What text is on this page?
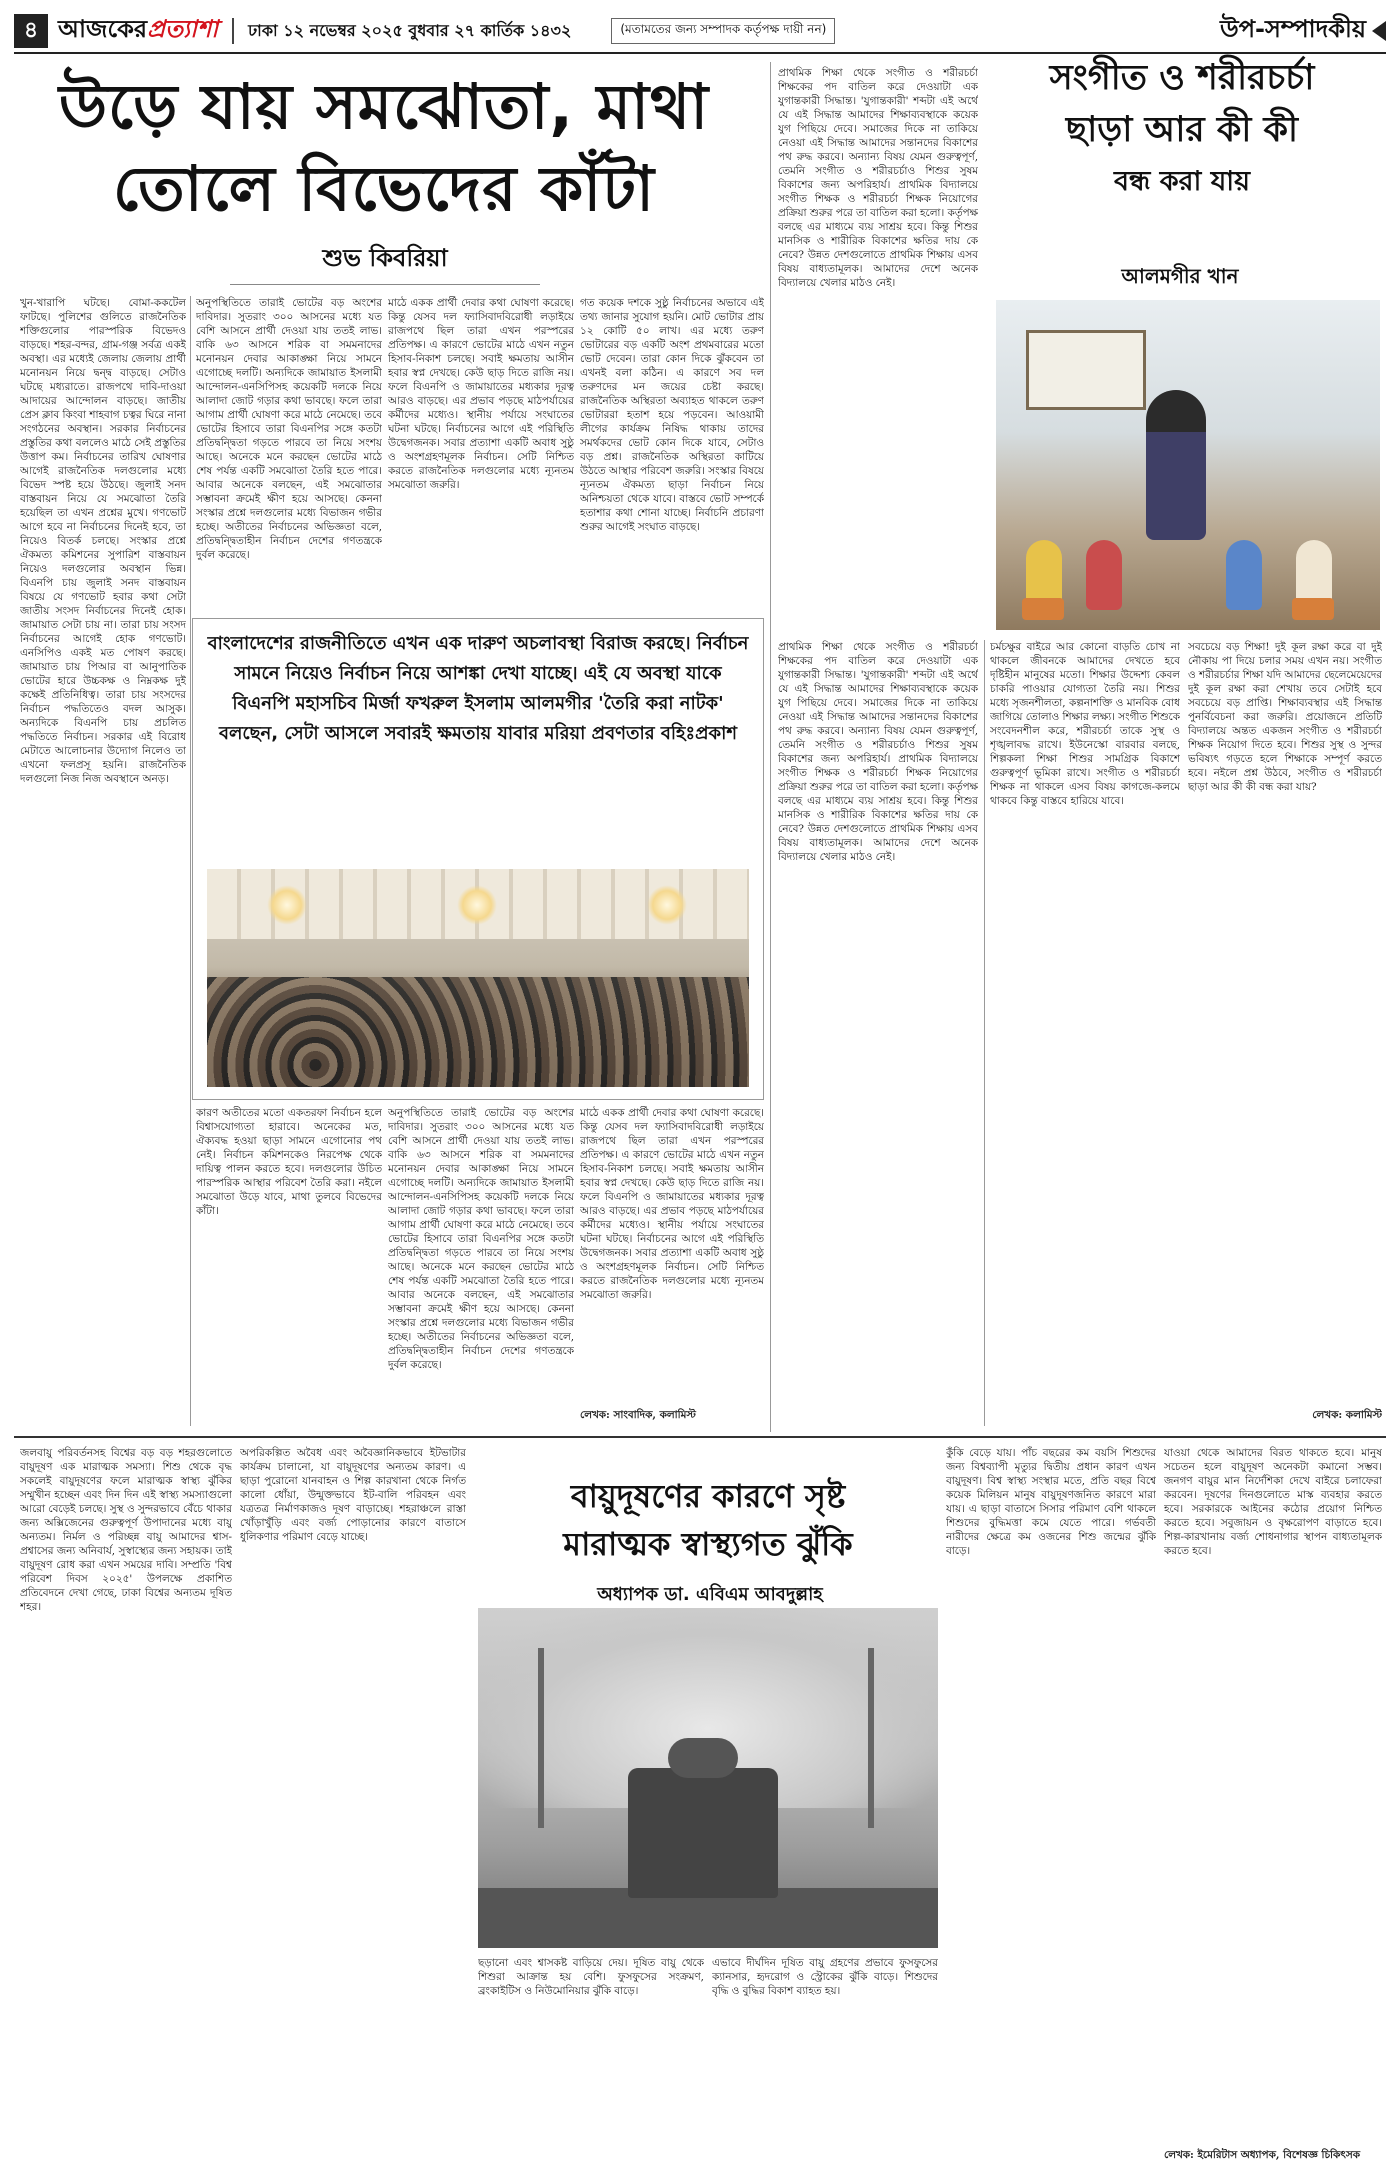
৪ আজকেরপ্রত্যাশা ঢাকা ১২ নভেম্বর ২০২৫ বুধবার ২৭ কার্তিক ১৪৩২	(মতামতের জন্য সম্পাদক কর্তৃপক্ষ দায়ী নন)	উপ-সম্পাদকীয়
উড়ে যায় সমঝোতা, মাথা
তোলে বিভেদের কাঁটা
শুভ কিবরিয়া
খুন-খারাপি ঘটছে। বোমা-ককটেল ফাটছে। পুলিশের গুলিতে রাজনৈতিক শক্তিগুলোর পারস্পরিক বিভেদও বাড়ছে। শহর-বন্দর, গ্রাম-গঞ্জ সর্বত্র একই অবস্থা। এর মধ্যেই জেলায় জেলায় প্রার্থী মনোনয়ন নিয়ে দ্বন্দ্ব বাড়ছে। সেটাও ঘটছে মধ্যরাতে। রাজপথে দাবি-দাওয়া আদায়ের আন্দোলন বাড়ছে। জাতীয় প্রেস ক্লাব কিংবা শাহবাগ চত্বর ঘিরে নানা সংগঠনের অবস্থান। সরকার নির্বাচনের প্রস্তুতির কথা বললেও মাঠে সেই প্রস্তুতির উত্তাপ কম। নির্বাচনের তারিখ ঘোষণার আগেই রাজনৈতিক দলগুলোর মধ্যে বিভেদ স্পষ্ট হয়ে উঠছে। জুলাই সনদ বাস্তবায়ন নিয়ে যে সমঝোতা তৈরি হয়েছিল তা এখন প্রশ্নের মুখে। গণভোট আগে হবে না নির্বাচনের দিনেই হবে, তা নিয়েও বিতর্ক চলছে। সংস্কার প্রশ্নে ঐকমত্য কমিশনের সুপারিশ বাস্তবায়ন নিয়েও দলগুলোর অবস্থান ভিন্ন। বিএনপি চায় জুলাই সনদ বাস্তবায়ন বিষয়ে যে গণভোট হবার কথা সেটা জাতীয় সংসদ নির্বাচনের দিনেই হোক। জামায়াত সেটা চায় না। তারা চায় সংসদ নির্বাচনের আগেই হোক গণভোট। এনসিপিও একই মত পোষণ করছে। জামায়াত চায় পিআর বা আনুপাতিক ভোটের হারে উচ্চকক্ষ ও নিম্নকক্ষ দুই কক্ষেই প্রতিনিধিত্ব। তারা চায় সংসদের নির্বাচন পদ্ধতিতেও বদল আসুক। অন্যদিকে বিএনপি চায় প্রচলিত পদ্ধতিতে নির্বাচন। সরকার এই বিরোধ মেটাতে আলোচনার উদ্যোগ নিলেও তা এখনো ফলপ্রসূ হয়নি। রাজনৈতিক দলগুলো নিজ নিজ অবস্থানে অনড়।
অনুপস্থিতিতে তারাই ভোটের বড় অংশের দাবিদার। সুতরাং ৩০০ আসনের মধ্যে যত বেশি আসনে প্রার্থী দেওয়া যায় ততই লাভ। বাকি ৬৩ আসনে শরিক বা সমমনাদের মনোনয়ন দেবার আকাঙ্ক্ষা নিয়ে সামনে এগোচ্ছে দলটি। অন্যদিকে জামায়াত ইসলামী আন্দোলন-এনসিপিসহ কয়েকটি দলকে নিয়ে আলাদা জোট গড়ার কথা ভাবছে। ফলে তারা আগাম প্রার্থী ঘোষণা করে মাঠে নেমেছে। তবে ভোটের হিসাবে তারা বিএনপির সঙ্গে কতটা প্রতিদ্বন্দ্বিতা গড়তে পারবে তা নিয়ে সংশয় আছে। অনেকে মনে করছেন ভোটের মাঠে শেষ পর্যন্ত একটি সমঝোতা তৈরি হতে পারে। আবার অনেকে বলছেন, এই সমঝোতার সম্ভাবনা ক্রমেই ক্ষীণ হয়ে আসছে। কেননা সংস্কার প্রশ্নে দলগুলোর মধ্যে বিভাজন গভীর হচ্ছে। অতীতের নির্বাচনের অভিজ্ঞতা বলে, প্রতিদ্বন্দ্বিতাহীন নির্বাচন দেশের গণতন্ত্রকে দুর্বল করেছে।
মাঠে একক প্রার্থী দেবার কথা ঘোষণা করেছে। কিন্তু যেসব দল ফ্যাসিবাদবিরোধী লড়াইয়ে রাজপথে ছিল তারা এখন পরস্পরের প্রতিপক্ষ। এ কারণে ভোটের মাঠে এখন নতুন হিসাব-নিকাশ চলছে। সবাই ক্ষমতায় আসীন হবার স্বপ্ন দেখছে। কেউ ছাড় দিতে রাজি নয়। ফলে বিএনপি ও জামায়াতের মধ্যকার দূরত্ব আরও বাড়ছে। এর প্রভাব পড়ছে মাঠপর্যায়ের কর্মীদের মধ্যেও। স্থানীয় পর্যায়ে সংঘাতের ঘটনা ঘটছে। নির্বাচনের আগে এই পরিস্থিতি উদ্বেগজনক। সবার প্রত্যাশা একটি অবাধ সুষ্ঠু ও অংশগ্রহণমূলক নির্বাচন। সেটি নিশ্চিত করতে রাজনৈতিক দলগুলোর মধ্যে ন্যূনতম সমঝোতা জরুরি।
গত কয়েক দশকে সুষ্ঠু নির্বাচনের অভাবে এই তথ্য জানার সুযোগ হয়নি। মোট ভোটার প্রায় ১২ কোটি ৫০ লাখ। এর মধ্যে তরুণ ভোটারের বড় একটি অংশ প্রথমবারের মতো ভোট দেবেন। তারা কোন দিকে ঝুঁকবেন তা এখনই বলা কঠিন। এ কারণে সব দল তরুণদের মন জয়ের চেষ্টা করছে। রাজনৈতিক অস্থিরতা অব্যাহত থাকলে তরুণ ভোটাররা হতাশ হয়ে পড়বেন। আওয়ামী লীগের কার্যক্রম নিষিদ্ধ থাকায় তাদের সমর্থকদের ভোট কোন দিকে যাবে, সেটাও বড় প্রশ্ন। রাজনৈতিক অস্থিরতা কাটিয়ে উঠতে আস্থার পরিবেশ জরুরি। সংস্কার বিষয়ে ন্যূনতম ঐকমত্য ছাড়া নির্বাচন নিয়ে অনিশ্চয়তা থেকে যাবে। বাস্তবে ভোট সম্পর্কে হতাশার কথা শোনা যাচ্ছে। নির্বাচনি প্রচারণা শুরুর আগেই সংঘাত বাড়ছে।
বাংলাদেশের রাজনীতিতে এখন এক দারুণ অচলাবস্থা বিরাজ করছে। নির্বাচন সামনে নিয়েও নির্বাচন নিয়ে আশঙ্কা দেখা যাচ্ছে। এই যে অবস্থা যাকে বিএনপি মহাসচিব মির্জা ফখরুল ইসলাম আলমগীর 'তৈরি করা নাটক' বলছেন, সেটা আসলে সবারই ক্ষমতায় যাবার মরিয়া প্রবণতার বহিঃপ্রকাশ
কারণ অতীতের মতো একতরফা নির্বাচন হলে বিশ্বাসযোগ্যতা হারাবে। অনেকের মত, ঐক্যবদ্ধ হওয়া ছাড়া সামনে এগোনোর পথ নেই। নির্বাচন কমিশনকেও নিরপেক্ষ থেকে দায়িত্ব পালন করতে হবে। দলগুলোর উচিত পারস্পরিক আস্থার পরিবেশ তৈরি করা। নইলে সমঝোতা উড়ে যাবে, মাথা তুলবে বিভেদের কাঁটা।
অনুপস্থিতিতে তারাই ভোটের বড় অংশের দাবিদার। সুতরাং ৩০০ আসনের মধ্যে যত বেশি আসনে প্রার্থী দেওয়া যায় ততই লাভ। বাকি ৬৩ আসনে শরিক বা সমমনাদের মনোনয়ন দেবার আকাঙ্ক্ষা নিয়ে সামনে এগোচ্ছে দলটি। অন্যদিকে জামায়াত ইসলামী আন্দোলন-এনসিপিসহ কয়েকটি দলকে নিয়ে আলাদা জোট গড়ার কথা ভাবছে। ফলে তারা আগাম প্রার্থী ঘোষণা করে মাঠে নেমেছে। তবে ভোটের হিসাবে তারা বিএনপির সঙ্গে কতটা প্রতিদ্বন্দ্বিতা গড়তে পারবে তা নিয়ে সংশয় আছে। অনেকে মনে করছেন ভোটের মাঠে শেষ পর্যন্ত একটি সমঝোতা তৈরি হতে পারে। আবার অনেকে বলছেন, এই সমঝোতার সম্ভাবনা ক্রমেই ক্ষীণ হয়ে আসছে। কেননা সংস্কার প্রশ্নে দলগুলোর মধ্যে বিভাজন গভীর হচ্ছে। অতীতের নির্বাচনের অভিজ্ঞতা বলে, প্রতিদ্বন্দ্বিতাহীন নির্বাচন দেশের গণতন্ত্রকে দুর্বল করেছে।
মাঠে একক প্রার্থী দেবার কথা ঘোষণা করেছে। কিন্তু যেসব দল ফ্যাসিবাদবিরোধী লড়াইয়ে রাজপথে ছিল তারা এখন পরস্পরের প্রতিপক্ষ। এ কারণে ভোটের মাঠে এখন নতুন হিসাব-নিকাশ চলছে। সবাই ক্ষমতায় আসীন হবার স্বপ্ন দেখছে। কেউ ছাড় দিতে রাজি নয়। ফলে বিএনপি ও জামায়াতের মধ্যকার দূরত্ব আরও বাড়ছে। এর প্রভাব পড়ছে মাঠপর্যায়ের কর্মীদের মধ্যেও। স্থানীয় পর্যায়ে সংঘাতের ঘটনা ঘটছে। নির্বাচনের আগে এই পরিস্থিতি উদ্বেগজনক। সবার প্রত্যাশা একটি অবাধ সুষ্ঠু ও অংশগ্রহণমূলক নির্বাচন। সেটি নিশ্চিত করতে রাজনৈতিক দলগুলোর মধ্যে ন্যূনতম সমঝোতা জরুরি।
লেখক: সাংবাদিক, কলামিস্ট
প্রাথমিক শিক্ষা থেকে সংগীত ও শরীরচর্চা শিক্ষকের পদ বাতিল করে দেওয়াটা এক যুগান্তকারী সিদ্ধান্ত। 'যুগান্তকারী' শব্দটা এই অর্থে যে এই সিদ্ধান্ত আমাদের শিক্ষাব্যবস্থাকে কয়েক যুগ পিছিয়ে দেবে। সমাজের দিকে না তাকিয়ে নেওয়া এই সিদ্ধান্ত আমাদের সন্তানদের বিকাশের পথ রুদ্ধ করবে। অন্যান্য বিষয় যেমন গুরুত্বপূর্ণ, তেমনি সংগীত ও শরীরচর্চাও শিশুর সুষম বিকাশের জন্য অপরিহার্য। প্রাথমিক বিদ্যালয়ে সংগীত শিক্ষক ও শরীরচর্চা শিক্ষক নিয়োগের প্রক্রিয়া শুরুর পরে তা বাতিল করা হলো। কর্তৃপক্ষ বলছে এর মাধ্যমে ব্যয় সাশ্রয় হবে। কিন্তু শিশুর মানসিক ও শারীরিক বিকাশের ক্ষতির দায় কে নেবে? উন্নত দেশগুলোতে প্রাথমিক শিক্ষায় এসব বিষয় বাধ্যতামূলক। আমাদের দেশে অনেক বিদ্যালয়ে খেলার মাঠও নেই।
সংগীত ও শরীরচর্চা
ছাড়া আর কী কী
বন্ধ করা যায়
আলমগীর খান
প্রাথমিক শিক্ষা থেকে সংগীত ও শরীরচর্চা শিক্ষকের পদ বাতিল করে দেওয়াটা এক যুগান্তকারী সিদ্ধান্ত। 'যুগান্তকারী' শব্দটা এই অর্থে যে এই সিদ্ধান্ত আমাদের শিক্ষাব্যবস্থাকে কয়েক যুগ পিছিয়ে দেবে। সমাজের দিকে না তাকিয়ে নেওয়া এই সিদ্ধান্ত আমাদের সন্তানদের বিকাশের পথ রুদ্ধ করবে। অন্যান্য বিষয় যেমন গুরুত্বপূর্ণ, তেমনি সংগীত ও শরীরচর্চাও শিশুর সুষম বিকাশের জন্য অপরিহার্য। প্রাথমিক বিদ্যালয়ে সংগীত শিক্ষক ও শরীরচর্চা শিক্ষক নিয়োগের প্রক্রিয়া শুরুর পরে তা বাতিল করা হলো। কর্তৃপক্ষ বলছে এর মাধ্যমে ব্যয় সাশ্রয় হবে। কিন্তু শিশুর মানসিক ও শারীরিক বিকাশের ক্ষতির দায় কে নেবে? উন্নত দেশগুলোতে প্রাথমিক শিক্ষায় এসব বিষয় বাধ্যতামূলক। আমাদের দেশে অনেক বিদ্যালয়ে খেলার মাঠও নেই।
চর্মচক্ষুর বাইরে আর কোনো বাড়তি চোখ না থাকলে জীবনকে আমাদের দেখতে হবে দৃষ্টিহীন মানুষের মতো। শিক্ষার উদ্দেশ্য কেবল চাকরি পাওয়ার যোগ্যতা তৈরি নয়। শিশুর মধ্যে সৃজনশীলতা, কল্পনাশক্তি ও মানবিক বোধ জাগিয়ে তোলাও শিক্ষার লক্ষ্য। সংগীত শিশুকে সংবেদনশীল করে, শরীরচর্চা তাকে সুস্থ ও শৃঙ্খলাবদ্ধ রাখে। ইউনেস্কো বারবার বলছে, শিল্পকলা শিক্ষা শিশুর সামগ্রিক বিকাশে গুরুত্বপূর্ণ ভূমিকা রাখে। সংগীত ও শরীরচর্চা শিক্ষক না থাকলে এসব বিষয় কাগজে-কলমে থাকবে কিন্তু বাস্তবে হারিয়ে যাবে।
সবচেয়ে বড় শিক্ষা! দুই কূল রক্ষা করে বা দুই নৌকায় পা দিয়ে চলার সময় এখন নয়। সংগীত ও শরীরচর্চার শিক্ষা যদি আমাদের ছেলেমেয়েদের দুই কূল রক্ষা করা শেখায় তবে সেটাই হবে সবচেয়ে বড় প্রাপ্তি। শিক্ষাব্যবস্থার এই সিদ্ধান্ত পুনর্বিবেচনা করা জরুরি। প্রয়োজনে প্রতিটি বিদ্যালয়ে অন্তত একজন সংগীত ও শরীরচর্চা শিক্ষক নিয়োগ দিতে হবে। শিশুর সুস্থ ও সুন্দর ভবিষ্যৎ গড়তে হলে শিক্ষাকে সম্পূর্ণ করতে হবে। নইলে প্রশ্ন উঠবে, সংগীত ও শরীরচর্চা ছাড়া আর কী কী বন্ধ করা যায়?
লেখক: কলামিস্ট
জলবায়ু পরিবর্তনসহ বিশ্বের বড় বড় শহরগুলোতে বায়ুদূষণ এক মারাত্মক সমস্যা। শিশু থেকে বৃদ্ধ সকলেই বায়ুদূষণের ফলে মারাত্মক স্বাস্থ্য ঝুঁকির সম্মুখীন হচ্ছেন এবং দিন দিন এই স্বাস্থ্য সমস্যাগুলো আরো বেড়েই চলছে। সুস্থ ও সুন্দরভাবে বেঁচে থাকার জন্য অক্সিজেনের গুরুত্বপূর্ণ উপাদানের মধ্যে বায়ু অন্যতম। নির্মল ও পরিচ্ছন্ন বায়ু আমাদের শ্বাস-প্রশ্বাসের জন্য অনিবার্য, সুস্বাস্থ্যের জন্য সহায়ক। তাই বায়ুদূষণ রোধ করা এখন সময়ের দাবি। সম্প্রতি 'বিশ্ব পরিবেশ দিবস ২০২৫' উপলক্ষে প্রকাশিত প্রতিবেদনে দেখা গেছে, ঢাকা বিশ্বের অন্যতম দূষিত শহর।
অপরিকল্পিত অবৈধ এবং অবৈজ্ঞানিকভাবে ইটভাটার কার্যক্রম চালানো, যা বায়ুদূষণের অন্যতম কারণ। এ ছাড়া পুরোনো যানবাহন ও শিল্প কারখানা থেকে নির্গত কালো ধোঁয়া, উন্মুক্তভাবে ইট-বালি পরিবহন এবং যত্রতত্র নির্মাণকাজও দূষণ বাড়াচ্ছে। শহরাঞ্চলে রাস্তা খোঁড়াখুঁড়ি এবং বর্জ্য পোড়ানোর কারণে বাতাসে ধুলিকণার পরিমাণ বেড়ে যাচ্ছে।
বায়ুদূষণের কারণে সৃষ্ট
মারাত্মক স্বাস্থ্যগত ঝুঁকি
অধ্যাপক ডা. এবিএম আবদুল্লাহ
ছড়ানো এবং শ্বাসকষ্ট বাড়িয়ে দেয়। দূষিত বায়ু থেকে শিশুরা আক্রান্ত হয় বেশি। ফুসফুসের সংক্রমণ, ব্রংকাইটিস ও নিউমোনিয়ার ঝুঁকি বাড়ে।
এভাবে দীর্ঘদিন দূষিত বায়ু গ্রহণের প্রভাবে ফুসফুসের ক্যানসার, হৃদরোগ ও স্ট্রোকের ঝুঁকি বাড়ে। শিশুদের বৃদ্ধি ও বুদ্ধির বিকাশ ব্যাহত হয়।
কুঁকি বেড়ে যায়। পাঁচ বছরের কম বয়সি শিশুদের জন্য বিশ্বব্যাপী মৃত্যুর দ্বিতীয় প্রধান কারণ এখন বায়ুদূষণ। বিশ্ব স্বাস্থ্য সংস্থার মতে, প্রতি বছর বিশ্বে কয়েক মিলিয়ন মানুষ বায়ুদূষণজনিত কারণে মারা যায়। এ ছাড়া বাতাসে সিসার পরিমাণ বেশি থাকলে শিশুদের বুদ্ধিমত্তা কমে যেতে পারে। গর্ভবতী নারীদের ক্ষেত্রে কম ওজনের শিশু জন্মের ঝুঁকি বাড়ে।
যাওয়া থেকে আমাদের বিরত থাকতে হবে। মানুষ সচেতন হলে বায়ুদূষণ অনেকটা কমানো সম্ভব। জনগণ বায়ুর মান নির্দেশিকা দেখে বাইরে চলাফেরা করবেন। দূষণের দিনগুলোতে মাস্ক ব্যবহার করতে হবে। সরকারকে আইনের কঠোর প্রয়োগ নিশ্চিত করতে হবে। সবুজায়ন ও বৃক্ষরোপণ বাড়াতে হবে। শিল্প-কারখানায় বর্জ্য শোধনাগার স্থাপন বাধ্যতামূলক করতে হবে।
লেখক: ইমেরিটাস অধ্যাপক, বিশেষজ্ঞ চিকিৎসক
